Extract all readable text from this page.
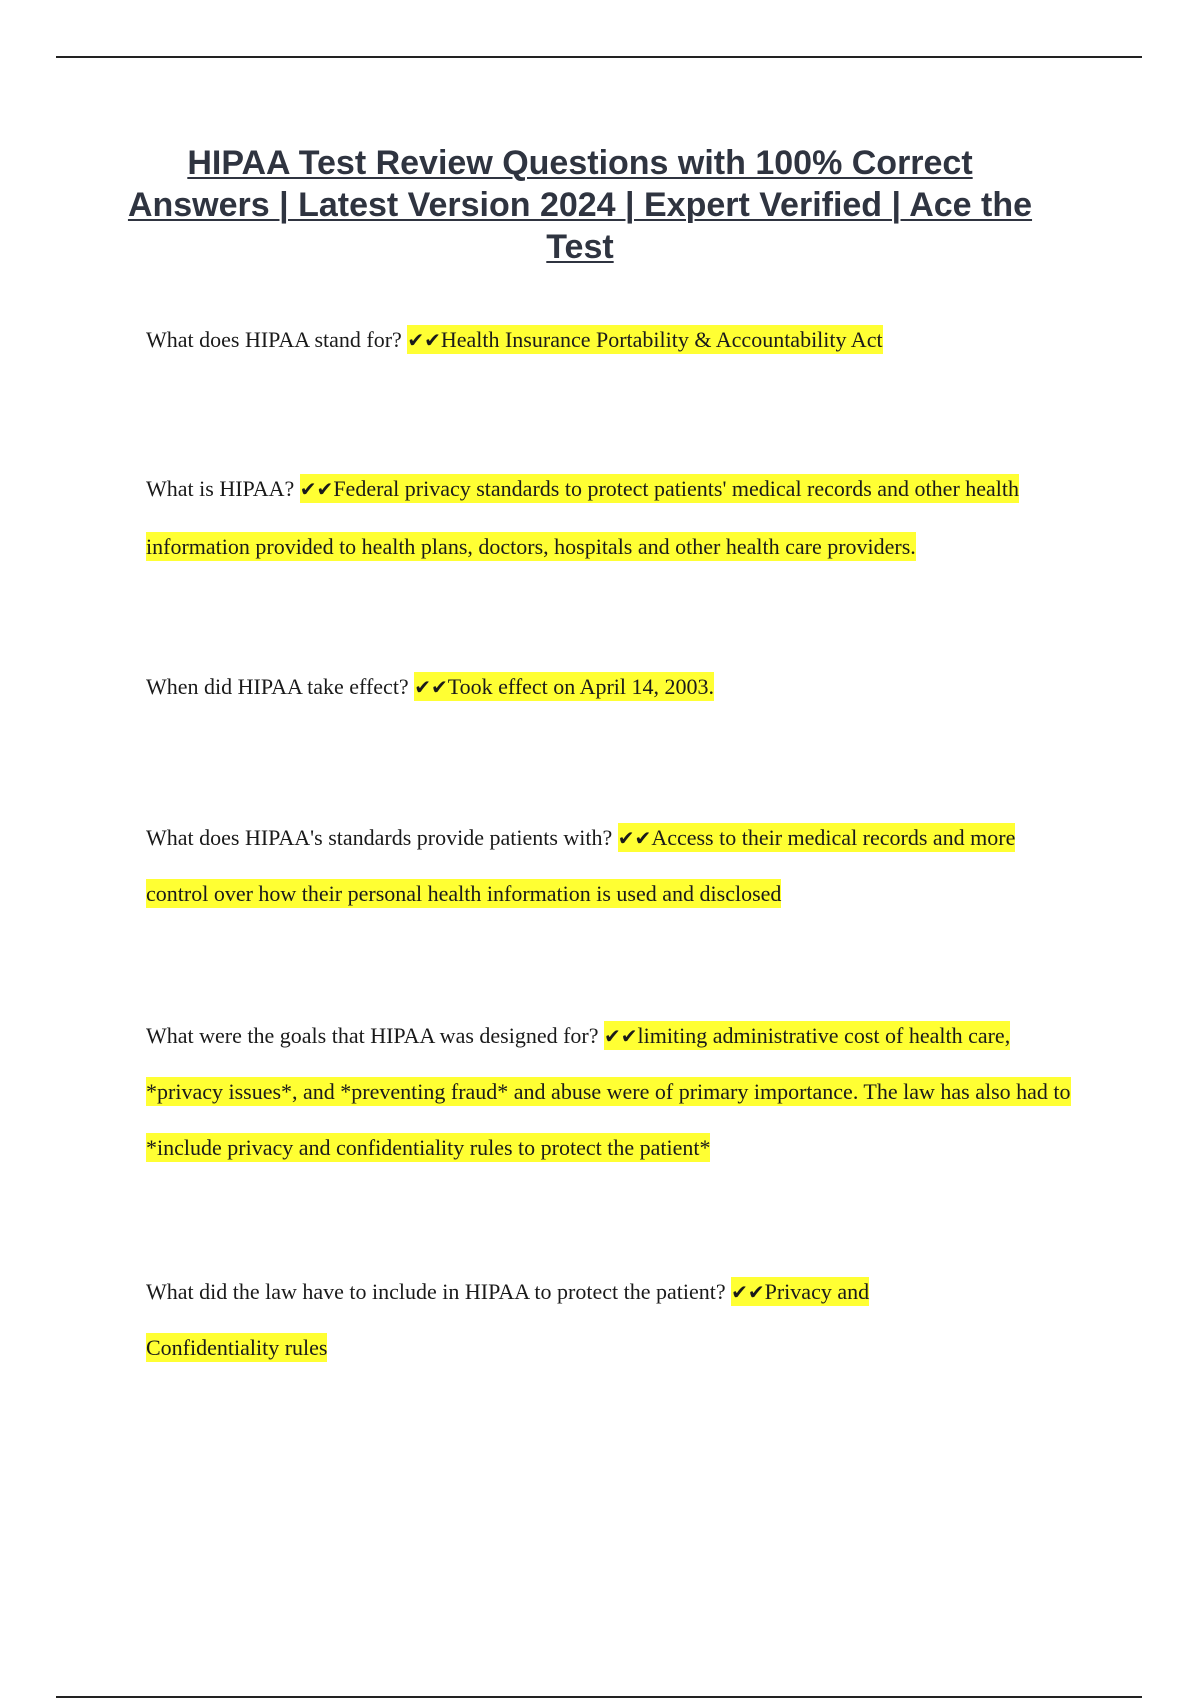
HIPAA Test Review Questions with 100% Correct Answers | Latest Version 2024 | Expert Verified | Ace the Test

What does HIPAA stand for? ✔✔Health Insurance Portability & Accountability Act

What is HIPAA? ✔✔Federal privacy standards to protect patients' medical records and other health information provided to health plans, doctors, hospitals and other health care providers.

When did HIPAA take effect? ✔✔Took effect on April 14, 2003.

What does HIPAA's standards provide patients with? ✔✔Access to their medical records and more control over how their personal health information is used and disclosed

What were the goals that HIPAA was designed for? ✔✔limiting administrative cost of health care, *privacy issues*, and *preventing fraud* and abuse were of primary importance. The law has also had to *include privacy and confidentiality rules to protect the patient*

What did the law have to include in HIPAA to protect the patient? ✔✔Privacy and Confidentiality rules
